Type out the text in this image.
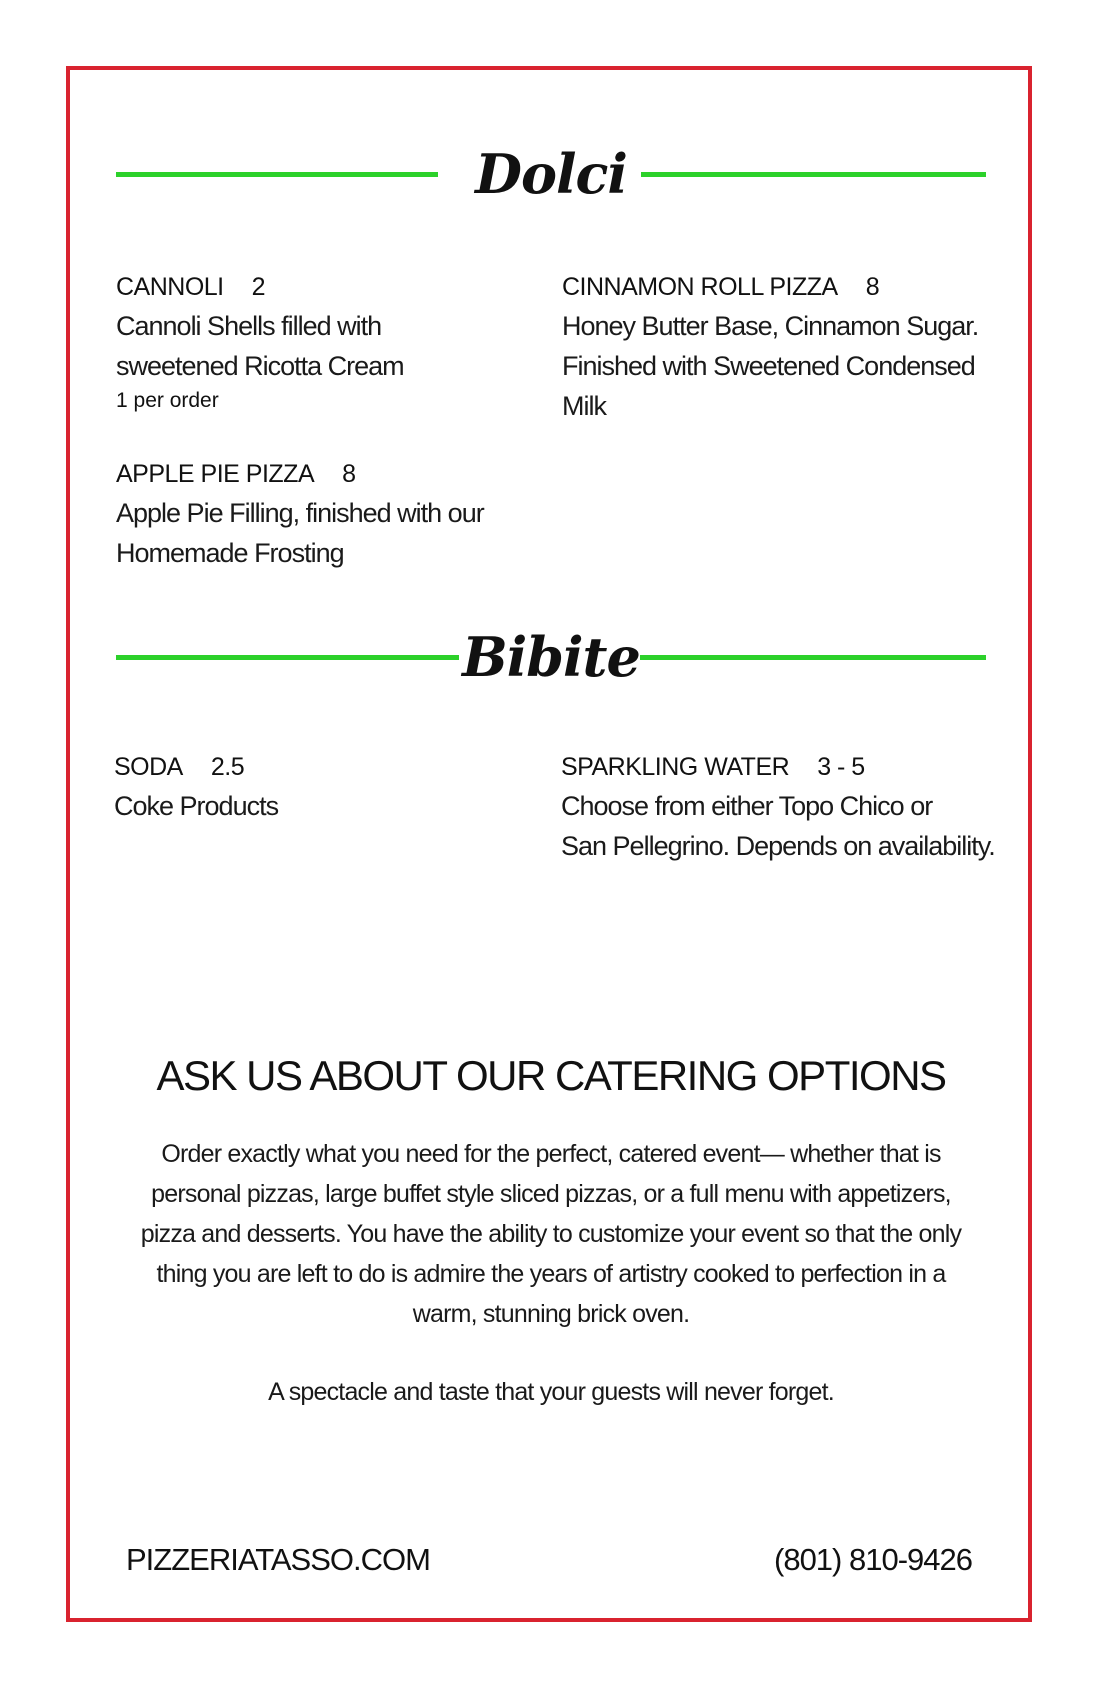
Dolci
CANNOLI 2
Cannoli Shells filled with
sweetened Ricotta Cream
1 per order
CINNAMON ROLL PIZZA 8
Honey Butter Base, Cinnamon Sugar.
Finished with Sweetened Condensed
Milk
APPLE PIE PIZZA 8
Apple Pie Filling, finished with our
Homemade Frosting
Bibite
SODA 2.5
Coke Products
SPARKLING WATER 3 - 5
Choose from either Topo Chico or
San Pellegrino. Depends on availability.
ASK US ABOUT OUR CATERING OPTIONS
Order exactly what you need for the perfect, catered event— whether that is
personal pizzas, large buffet style sliced pizzas, or a full menu with appetizers,
pizza and desserts. You have the ability to customize your event so that the only
thing you are left to do is admire the years of artistry cooked to perfection in a
warm, stunning brick oven.
A spectacle and taste that your guests will never forget.
PIZZERIATASSO.COM	(801) 810-9426
